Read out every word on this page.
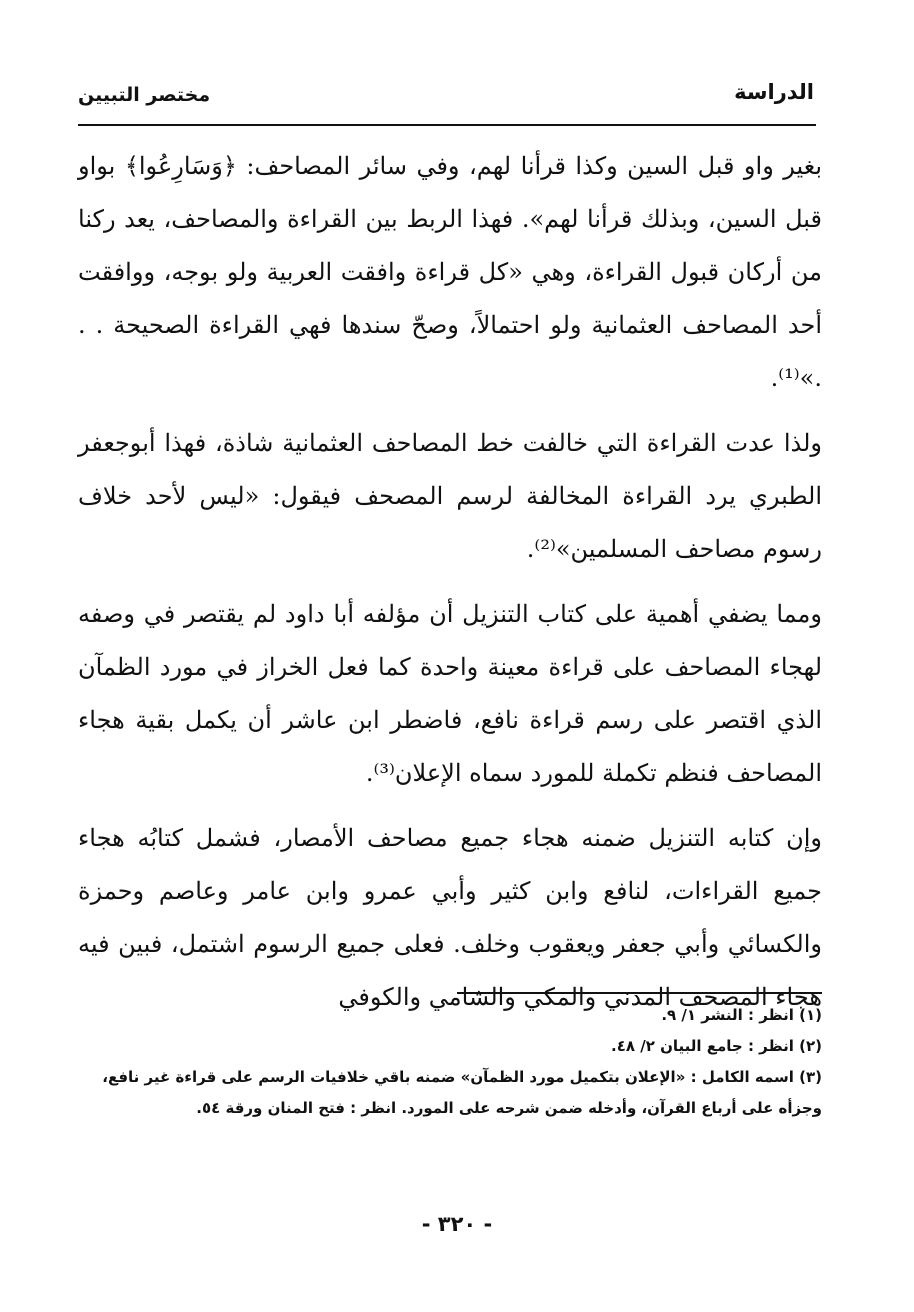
الدراسة
مختصر التبيين

بغير واو قبل السين وكذا قرأنا لهم، وفي سائر المصاحف: ﴿وَسَارِعُوا﴾ بواو قبل السين، وبذلك قرأنا لهم». فهذا الربط بين القراءة والمصاحف، يعد ركنا من أركان قبول القراءة، وهي «كل قراءة وافقت العربية ولو بوجه، ووافقت أحد المصاحف العثمانية ولو احتمالاً، وصحّ سندها فهي القراءة الصحيحة . . .»⁽¹⁾.

ولذا عدت القراءة التي خالفت خط المصاحف العثمانية شاذة، فهذا أبوجعفر الطبري يرد القراءة المخالفة لرسم المصحف فيقول: «ليس لأحد خلاف رسوم مصاحف المسلمين»⁽²⁾.

ومما يضفي أهمية على كتاب التنزيل أن مؤلفه أبا داود لم يقتصر في وصفه لهجاء المصاحف على قراءة معينة واحدة كما فعل الخراز في مورد الظمآن الذي اقتصر على رسم قراءة نافع، فاضطر ابن عاشر أن يكمل بقية هجاء المصاحف فنظم تكملة للمورد سماه الإعلان⁽³⁾.

وإن كتابه التنزيل ضمنه هجاء جميع مصاحف الأمصار، فشمل كتابُه هجاء جميع القراءات، لنافع وابن كثير وأبي عمرو وابن عامر وعاصم وحمزة والكسائي وأبي جعفر ويعقوب وخلف. فعلى جميع الرسوم اشتمل، فبين فيه هجاء المصحف المدني والمكي والشامي والكوفي

(١) انظر : النشر ١/ ٩.

(٢) انظر : جامع البيان ٢/ ٤٨.

(٣) اسمه الكامل : «الإعلان بتكميل مورد الظمآن» ضمنه باقي خلافيات الرسم على قراءة غير نافع، وجزأه على أرباع القرآن، وأدخله ضمن شرحه على المورد. انظر : فتح المنان ورقة ٥٤.

- ٣٢٠ -
